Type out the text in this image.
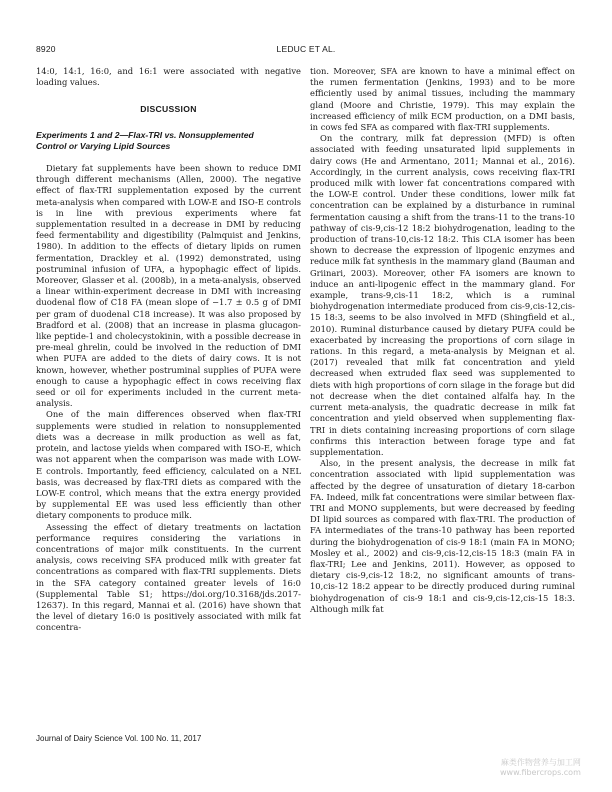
8920	LEDUC ET AL.

14:0, 14:1, 16:0, and 16:1 were associated with negative loading values.

DISCUSSION
Experiments 1 and 2—Flax-TRI vs. Nonsupplemented
Control or Varying Lipid Sources

Dietary fat supplements have been shown to reduce DMI through different mechanisms (Allen, 2000). The negative effect of flax-TRI supplementation exposed by the current meta-analysis when compared with LOW-E and ISO-E controls is in line with previous experiments where fat supplementation resulted in a decrease in DMI by reducing feed fermentability and digestibility (Palmquist and Jenkins, 1980). In addition to the effects of dietary lipids on rumen fermentation, Drackley et al. (1992) demonstrated, using postruminal infusion of UFA, a hypophagic effect of lipids. Moreover, Glasser et al. (2008b), in a meta-analysis, observed a linear within-experiment decrease in DMI with increasing duodenal flow of C18 FA (mean slope of −1.7 ± 0.5 g of DMI per gram of duodenal C18 increase). It was also proposed by Bradford et al. (2008) that an increase in plasma glucagon-like peptide-1 and cholecystokinin, with a possible decrease in pre-meal ghrelin, could be involved in the reduction of DMI when PUFA are added to the diets of dairy cows. It is not known, however, whether postruminal supplies of PUFA were enough to cause a hypophagic effect in cows receiving flax seed or oil for experiments included in the current meta-analysis.

One of the main differences observed when flax-TRI supplements were studied in relation to nonsupplemented diets was a decrease in milk production as well as fat, protein, and lactose yields when compared with ISO-E, which was not apparent when the comparison was made with LOW-E controls. Importantly, feed efficiency, calculated on a NEL basis, was decreased by flax-TRI diets as compared with the LOW-E control, which means that the extra energy provided by supplemental EE was used less efficiently than other dietary components to produce milk.

Assessing the effect of dietary treatments on lactation performance requires considering the variations in concentrations of major milk constituents. In the current analysis, cows receiving SFA produced milk with greater fat concentrations as compared with flax-TRI supplements. Diets in the SFA category contained greater levels of 16:0 (Supplemental Table S1; https://doi.org/10.3168/jds.2017-12637). In this regard, Mannai et al. (2016) have shown that the level of dietary 16:0 is positively associated with milk fat concentra-

tion. Moreover, SFA are known to have a minimal effect on the rumen fermentation (Jenkins, 1993) and to be more efficiently used by animal tissues, including the mammary gland (Moore and Christie, 1979). This may explain the increased efficiency of milk ECM production, on a DMI basis, in cows fed SFA as compared with flax-TRI supplements.

On the contrary, milk fat depression (MFD) is often associated with feeding unsaturated lipid supplements in dairy cows (He and Armentano, 2011; Mannai et al., 2016). Accordingly, in the current analysis, cows receiving flax-TRI produced milk with lower fat concentrations compared with the LOW-E control. Under these conditions, lower milk fat concentration can be explained by a disturbance in ruminal fermentation causing a shift from the trans-11 to the trans-10 pathway of cis-9,cis-12 18:2 biohydrogenation, leading to the production of trans-10,cis-12 18:2. This CLA isomer has been shown to decrease the expression of lipogenic enzymes and reduce milk fat synthesis in the mammary gland (Bauman and Griinari, 2003). Moreover, other FA isomers are known to induce an anti-lipogenic effect in the mammary gland. For example, trans-9,cis-11 18:2, which is a ruminal biohydrogenation intermediate produced from cis-9,cis-12,cis-15 18:3, seems to be also involved in MFD (Shingfield et al., 2010). Ruminal disturbance caused by dietary PUFA could be exacerbated by increasing the proportions of corn silage in rations. In this regard, a meta-analysis by Meignan et al. (2017) revealed that milk fat concentration and yield decreased when extruded flax seed was supplemented to diets with high proportions of corn silage in the forage but did not decrease when the diet contained alfalfa hay. In the current meta-analysis, the quadratic decrease in milk fat concentration and yield observed when supplementing flax-TRI in diets containing increasing proportions of corn silage confirms this interaction between forage type and fat supplementation.

Also, in the present analysis, the decrease in milk fat concentration associated with lipid supplementation was affected by the degree of unsaturation of dietary 18-carbon FA. Indeed, milk fat concentrations were similar between flax-TRI and MONO supplements, but were decreased by feeding DI lipid sources as compared with flax-TRI. The production of FA intermediates of the trans-10 pathway has been reported during the biohydrogenation of cis-9 18:1 (main FA in MONO; Mosley et al., 2002) and cis-9,cis-12,cis-15 18:3 (main FA in flax-TRI; Lee and Jenkins, 2011). However, as opposed to dietary cis-9,cis-12 18:2, no significant amounts of trans-10,cis-12 18:2 appear to be directly produced during ruminal biohydrogenation of cis-9 18:1 and cis-9,cis-12,cis-15 18:3. Although milk fat

Journal of Dairy Science Vol. 100 No. 11, 2017
麻类作物营养与加工网
www.fibercrops.com
